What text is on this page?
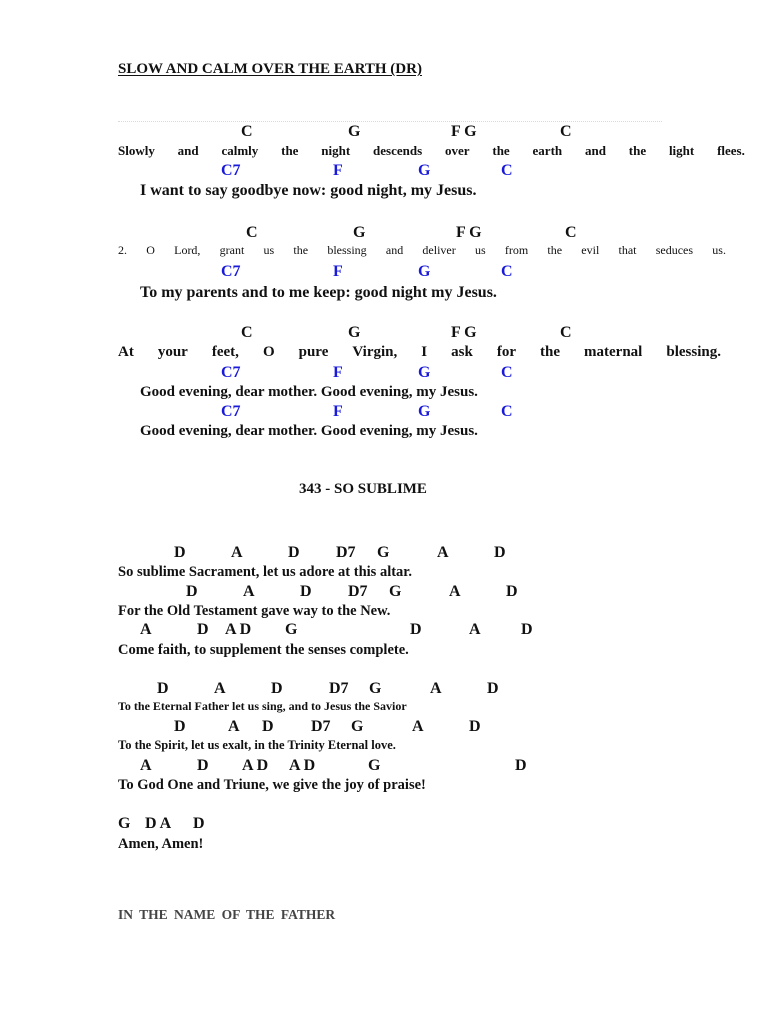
SLOW AND CALM OVER THE EARTH (DR)
C	G	F G	C
Slowly and calmly the night descends over the earth and the light flees.
C7	F	G	C
I want to say goodbye now: good night, my Jesus.
C	G	F G	C
2. O Lord, grant us the blessing and deliver us from the evil that seduces us.
C7	F	G	C
To my parents and to me keep: good night my Jesus.
C	G	F G	C
At your feet, O pure Virgin, I ask for the maternal blessing.
C7	F	G	C
Good evening, dear mother. Good evening, my Jesus.
C7	F	G	C
Good evening, dear mother. Good evening, my Jesus.
343 - SO SUBLIME
D	A	D D7 G	A	D
So sublime Sacrament, let us adore at this altar.
D	A	D D7 G	A	D
For the Old Testament gave way to the New.
A	D A D G	D	A	D
Come faith, to supplement the senses complete.
D	A	D	D7 G	A	D
To the Eternal Father let us sing, and to Jesus the Savior
D	A D D7 G	A	D
To the Spirit, let us exalt, in the Trinity Eternal love.
A	D A D A D	G	D
To God One and Triune, we give the joy of praise!
G D A D
Amen, Amen!
IN THE NAME OF THE FATHER
